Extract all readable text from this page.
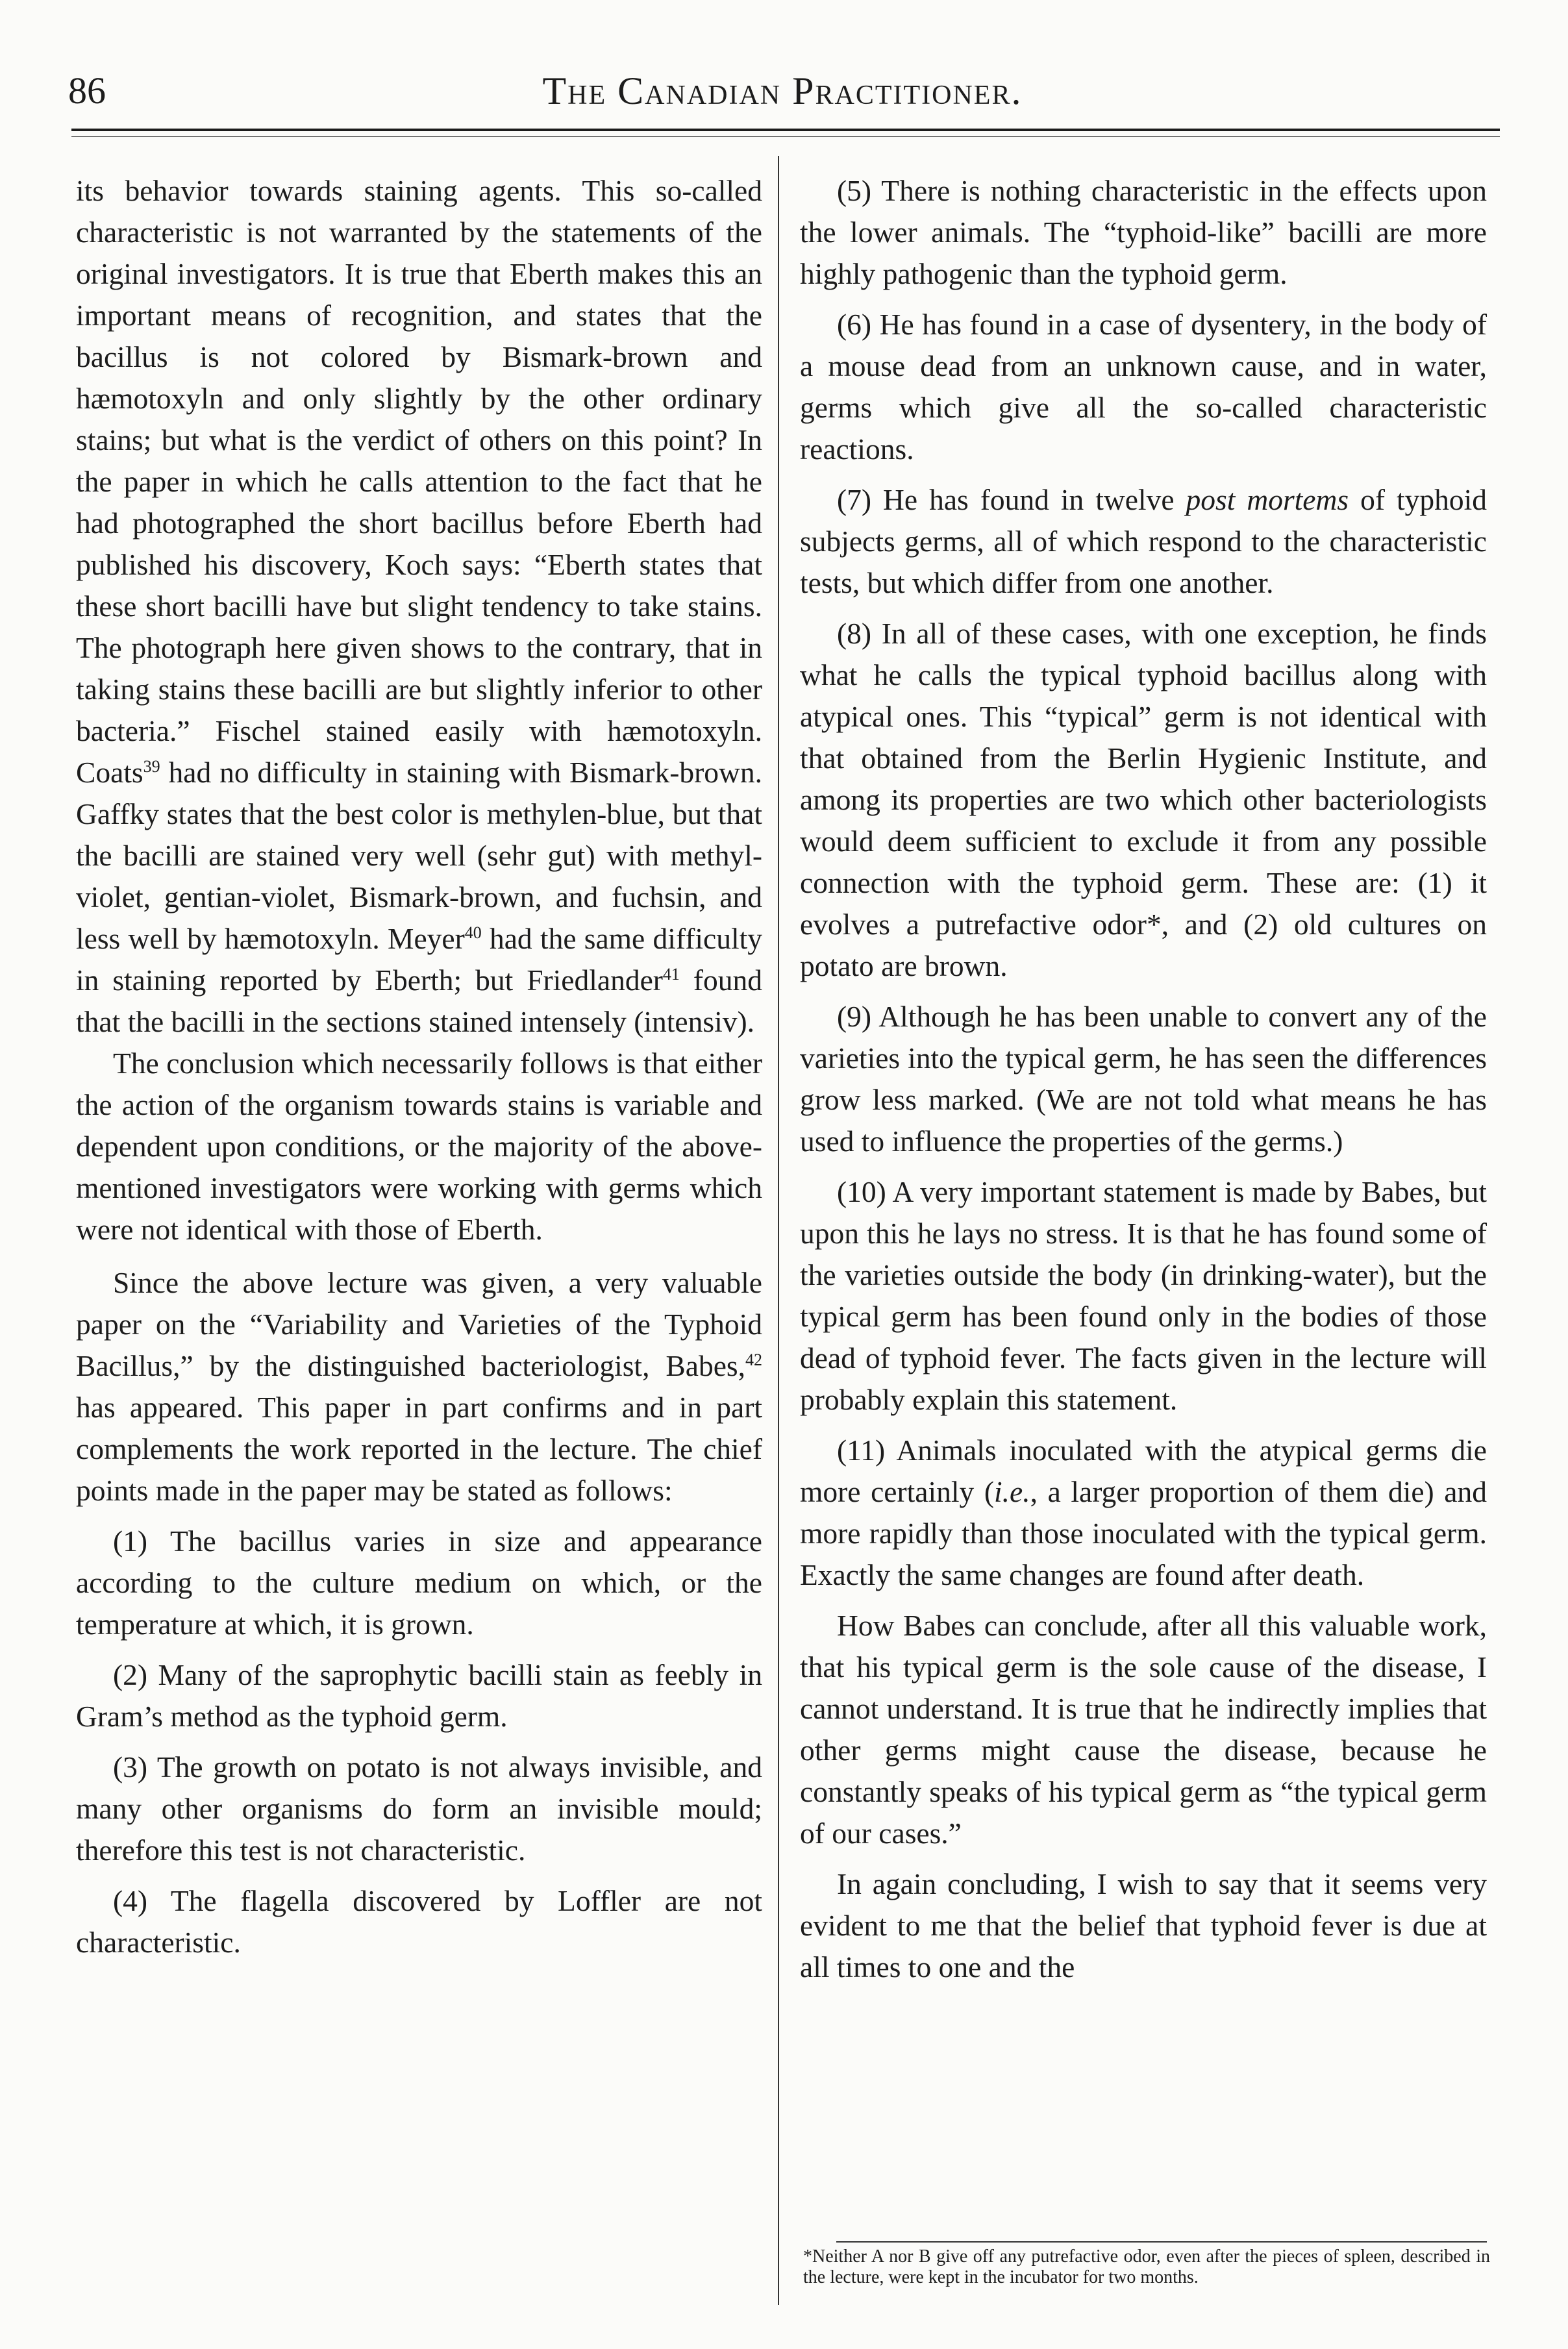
86	The Canadian Practitioner.

its behavior towards staining agents. This so-called characteristic is not warranted by the statements of the original investigators. It is true that Eberth makes this an important means of recognition, and states that the bacillus is not colored by Bismark-brown and hæmotoxyln and only slightly by the other ordinary stains; but what is the verdict of others on this point? In the paper in which he calls attention to the fact that he had photographed the short bacillus before Eberth had published his discovery, Koch says: “Eberth states that these short bacilli have but slight tendency to take stains. The photograph here given shows to the contrary, that in taking stains these bacilli are but slightly inferior to other bacteria.” Fischel stained easily with hæmotoxyln. Coats$^{39}$ had no difficulty in staining with Bismark-brown. Gaffky states that the best color is methylen-blue, but that the bacilli are stained very well (sehr gut) with methyl-violet, gentian-violet, Bismark-brown, and fuchsin, and less well by hæmotoxyln. Meyer$^{40}$ had the same difficulty in staining reported by Eberth; but Friedlander$^{41}$ found that the bacilli in the sections stained intensely (intensiv).

The conclusion which necessarily follows is that either the action of the organism towards stains is variable and dependent upon conditions, or the majority of the above-mentioned investigators were working with germs which were not identical with those of Eberth.

Since the above lecture was given, a very valuable paper on the “Variability and Varieties of the Typhoid Bacillus,” by the distinguished bacteriologist, Babes,$^{42}$ has appeared. This paper in part confirms and in part complements the work reported in the lecture. The chief points made in the paper may be stated as follows:

(1) The bacillus varies in size and appearance according to the culture medium on which, or the temperature at which, it is grown.

(2) Many of the saprophytic bacilli stain as feebly in Gram’s method as the typhoid germ.

(3) The growth on potato is not always invisible, and many other organisms do form an invisible mould; therefore this test is not characteristic.

(4) The flagella discovered by Loffler are not characteristic.

(5) There is nothing characteristic in the effects upon the lower animals. The “typhoid-like” bacilli are more highly pathogenic than the typhoid germ.

(6) He has found in a case of dysentery, in the body of a mouse dead from an unknown cause, and in water, germs which give all the so-called characteristic reactions.

(7) He has found in twelve post mortems of typhoid subjects germs, all of which respond to the characteristic tests, but which differ from one another.

(8) In all of these cases, with one exception, he finds what he calls the typical typhoid bacillus along with atypical ones. This “typical” germ is not identical with that obtained from the Berlin Hygienic Institute, and among its properties are two which other bacteriologists would deem sufficient to exclude it from any possible connection with the typhoid germ. These are: (1) it evolves a putrefactive odor*, and (2) old cultures on potato are brown.

(9) Although he has been unable to convert any of the varieties into the typical germ, he has seen the differences grow less marked. (We are not told what means he has used to influence the properties of the germs.)

(10) A very important statement is made by Babes, but upon this he lays no stress. It is that he has found some of the varieties outside the body (in drinking-water), but the typical germ has been found only in the bodies of those dead of typhoid fever. The facts given in the lecture will probably explain this statement.

(11) Animals inoculated with the atypical germs die more certainly (i.e., a larger proportion of them die) and more rapidly than those inoculated with the typical germ. Exactly the same changes are found after death.

How Babes can conclude, after all this valuable work, that his typical germ is the sole cause of the disease, I cannot understand. It is true that he indirectly implies that other germs might cause the disease, because he constantly speaks of his typical germ as “the typical germ of our cases.”

In again concluding, I wish to say that it seems very evident to me that the belief that typhoid fever is due at all times to one and the

*Neither A nor B give off any putrefactive odor, even after the pieces of spleen, described in the lecture, were kept in the incubator for two months.
